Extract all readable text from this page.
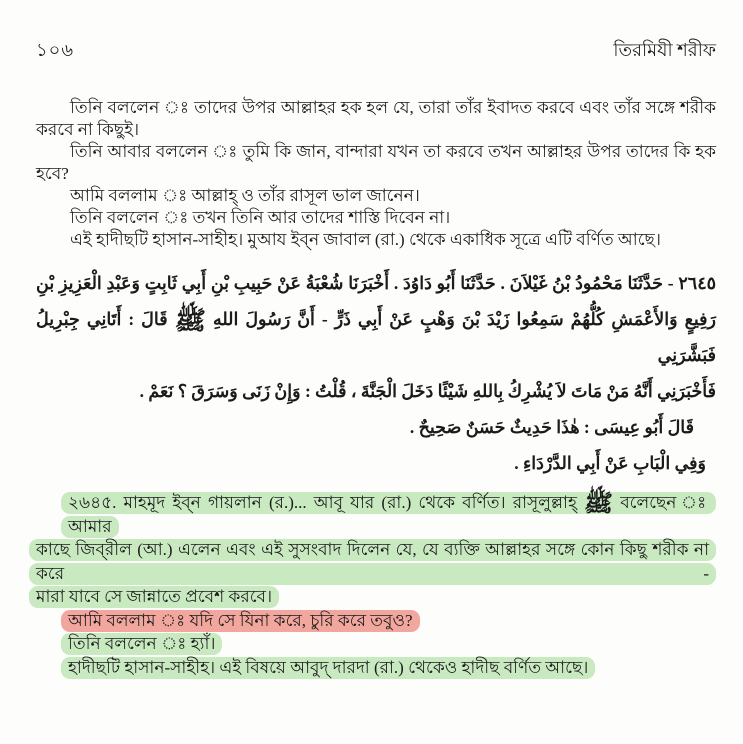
১০৬	তিরমিযী শরীফ
তিনি বললেন ঃ তাদের উপর আল্লাহর হক হল যে, তারা তাঁর ইবাদত করবে এবং তাঁর সঙ্গে শরীক
করবে না কিছুই।
তিনি আবার বললেন ঃ তুমি কি জান, বান্দারা যখন তা করবে তখন আল্লাহর উপর তাদের কি হক
হবে?
আমি বললাম ঃ আল্লাহ্‌ ও তাঁর রাসূল ভাল জানেন।
তিনি বললেন ঃ তখন তিনি আর তাদের শাস্তি দিবেন না।
এই হাদীছটি হাসান-সাহীহ। মুআয ইব্‌ন জাবাল (রা.) থেকে একাধিক সূত্রে এটি বর্ণিত আছে।
٢٦٤٥ - حَدَّثَنَا مَحْمُودُ بْنُ غَيْلاَنَ . حَدَّثَنَا أَبُو دَاوُدَ . أَخْبَرَنَا شُعْبَةُ عَنْ حَبِيبِ بْنِ أَبِي ثَابِتٍ وَعَبْدِ الْعَزِيزِ بْنِ
رَفِيعٍ وَالأَعْمَشِ كُلُّهُمْ سَمِعُوا زَيْدَ بْنَ وَهْبٍ عَنْ أَبِي ذَرٍّ - أَنَّ رَسُولَ اللهِ ﷺ قَالَ : أَتَانِي جِبْرِيلُ فَبَشَّرَنِي
فَأَخْبَرَنِي أَنَّهُ مَنْ مَاتَ لاَ يُشْرِكُ بِاللهِ شَيْئًا دَخَلَ الْجَنَّةَ ، قُلْتُ : وَإِنْ زَنَى وَسَرَقَ ؟ نَعَمْ .
قَالَ أَبُو عِيسَى : هٰذَا حَدِيثٌ حَسَنٌ صَحِيحٌ .
وَفِي الْبَابِ عَنْ أَبِي الدَّرْدَاءِ .
২৬৪৫. মাহমূদ ইব্‌ন গায়লান (র.)... আবূ যার (রা.) থেকে বর্ণিত। রাসূলুল্লাহ্‌ ﷺ বলেছেন ঃ আমার
কাছে জিব্‌রীল (আ.) এলেন এবং এই সুসংবাদ দিলেন যে, যে ব্যক্তি আল্লাহর সঙ্গে কোন কিছু শরীক না করে -
মারা যাবে সে জান্নাতে প্রবেশ করবে।
আমি বললাম ঃ যদি সে যিনা করে, চুরি করে তবুও?
তিনি বললেন ঃ হ্যাঁ।
হাদীছটি হাসান-সাহীহ। এই বিষয়ে আবুদ্‌ দারদা (রা.) থেকেও হাদীছ বর্ণিত আছে।
